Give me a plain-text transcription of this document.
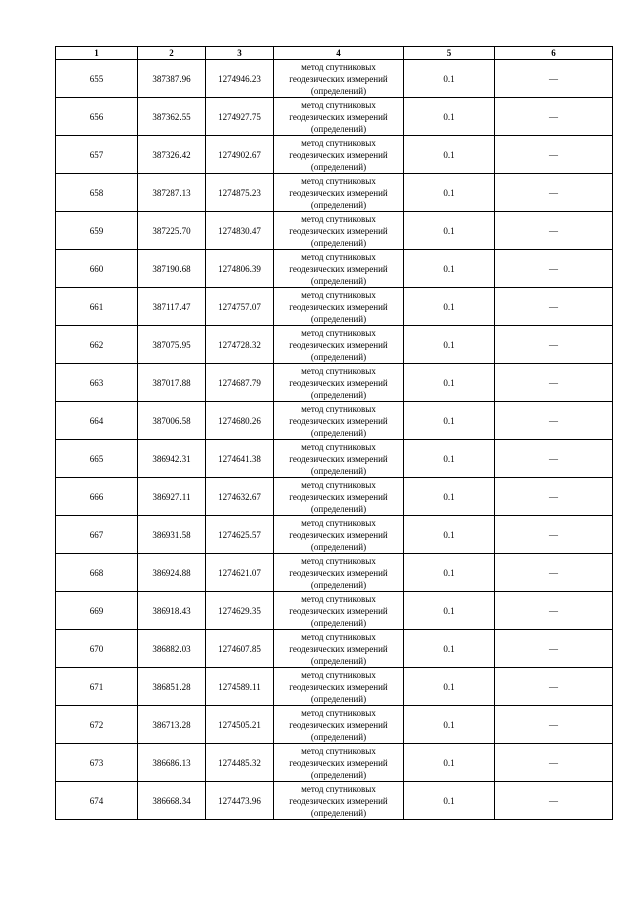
1	2	3	4	5	6
655	387387.96	1274946.23	метод спутниковых
геодезических измерений
(определений)	0.1	—
656	387362.55	1274927.75	метод спутниковых
геодезических измерений
(определений)	0.1	—
657	387326.42	1274902.67	метод спутниковых
геодезических измерений
(определений)	0.1	—
658	387287.13	1274875.23	метод спутниковых
геодезических измерений
(определений)	0.1	—
659	387225.70	1274830.47	метод спутниковых
геодезических измерений
(определений)	0.1	—
660	387190.68	1274806.39	метод спутниковых
геодезических измерений
(определений)	0.1	—
661	387117.47	1274757.07	метод спутниковых
геодезических измерений
(определений)	0.1	—
662	387075.95	1274728.32	метод спутниковых
геодезических измерений
(определений)	0.1	—
663	387017.88	1274687.79	метод спутниковых
геодезических измерений
(определений)	0.1	—
664	387006.58	1274680.26	метод спутниковых
геодезических измерений
(определений)	0.1	—
665	386942.31	1274641.38	метод спутниковых
геодезических измерений
(определений)	0.1	—
666	386927.11	1274632.67	метод спутниковых
геодезических измерений
(определений)	0.1	—
667	386931.58	1274625.57	метод спутниковых
геодезических измерений
(определений)	0.1	—
668	386924.88	1274621.07	метод спутниковых
геодезических измерений
(определений)	0.1	—
669	386918.43	1274629.35	метод спутниковых
геодезических измерений
(определений)	0.1	—
670	386882.03	1274607.85	метод спутниковых
геодезических измерений
(определений)	0.1	—
671	386851.28	1274589.11	метод спутниковых
геодезических измерений
(определений)	0.1	—
672	386713.28	1274505.21	метод спутниковых
геодезических измерений
(определений)	0.1	—
673	386686.13	1274485.32	метод спутниковых
геодезических измерений
(определений)	0.1	—
674	386668.34	1274473.96	метод спутниковых
геодезических измерений
(определений)	0.1	—
